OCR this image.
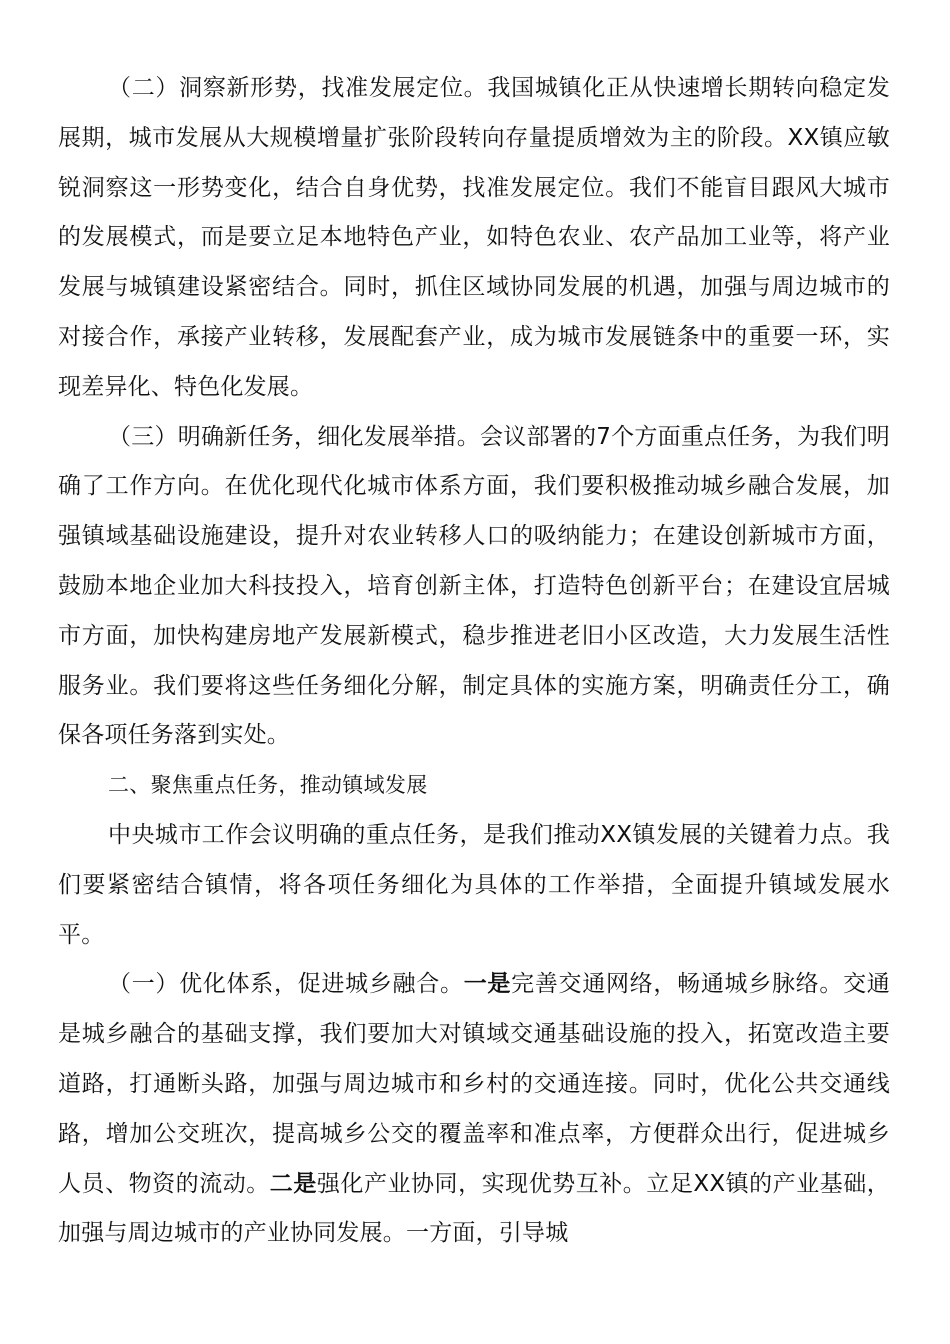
（二）洞察新形势，找准发展定位。我国城镇化正从快速增长期转向稳定发展期，城市发展从大规模增量扩张阶段转向存量提质增效为主的阶段。XX镇应敏锐洞察这一形势变化，结合自身优势，找准发展定位。我们不能盲目跟风大城市的发展模式，而是要立足本地特色产业，如特色农业、农产品加工业等，将产业发展与城镇建设紧密结合。同时，抓住区域协同发展的机遇，加强与周边城市的对接合作，承接产业转移，发展配套产业，成为城市发展链条中的重要一环，实现差异化、特色化发展。

（三）明确新任务，细化发展举措。会议部署的7个方面重点任务，为我们明确了工作方向。在优化现代化城市体系方面，我们要积极推动城乡融合发展，加强镇域基础设施建设，提升对农业转移人口的吸纳能力；在建设创新城市方面，鼓励本地企业加大科技投入，培育创新主体，打造特色创新平台；在建设宜居城市方面，加快构建房地产发展新模式，稳步推进老旧小区改造，大力发展生活性服务业。我们要将这些任务细化分解，制定具体的实施方案，明确责任分工，确保各项任务落到实处。

二、聚焦重点任务，推动镇域发展

中央城市工作会议明确的重点任务，是我们推动XX镇发展的关键着力点。我们要紧密结合镇情，将各项任务细化为具体的工作举措，全面提升镇域发展水平。

（一）优化体系，促进城乡融合。一是完善交通网络，畅通城乡脉络。交通是城乡融合的基础支撑，我们要加大对镇域交通基础设施的投入，拓宽改造主要道路，打通断头路，加强与周边城市和乡村的交通连接。同时，优化公共交通线路，增加公交班次，提高城乡公交的覆盖率和准点率，方便群众出行，促进城乡人员、物资的流动。二是强化产业协同，实现优势互补。立足XX镇的产业基础，加强与周边城市的产业协同发展。一方面，引导城
